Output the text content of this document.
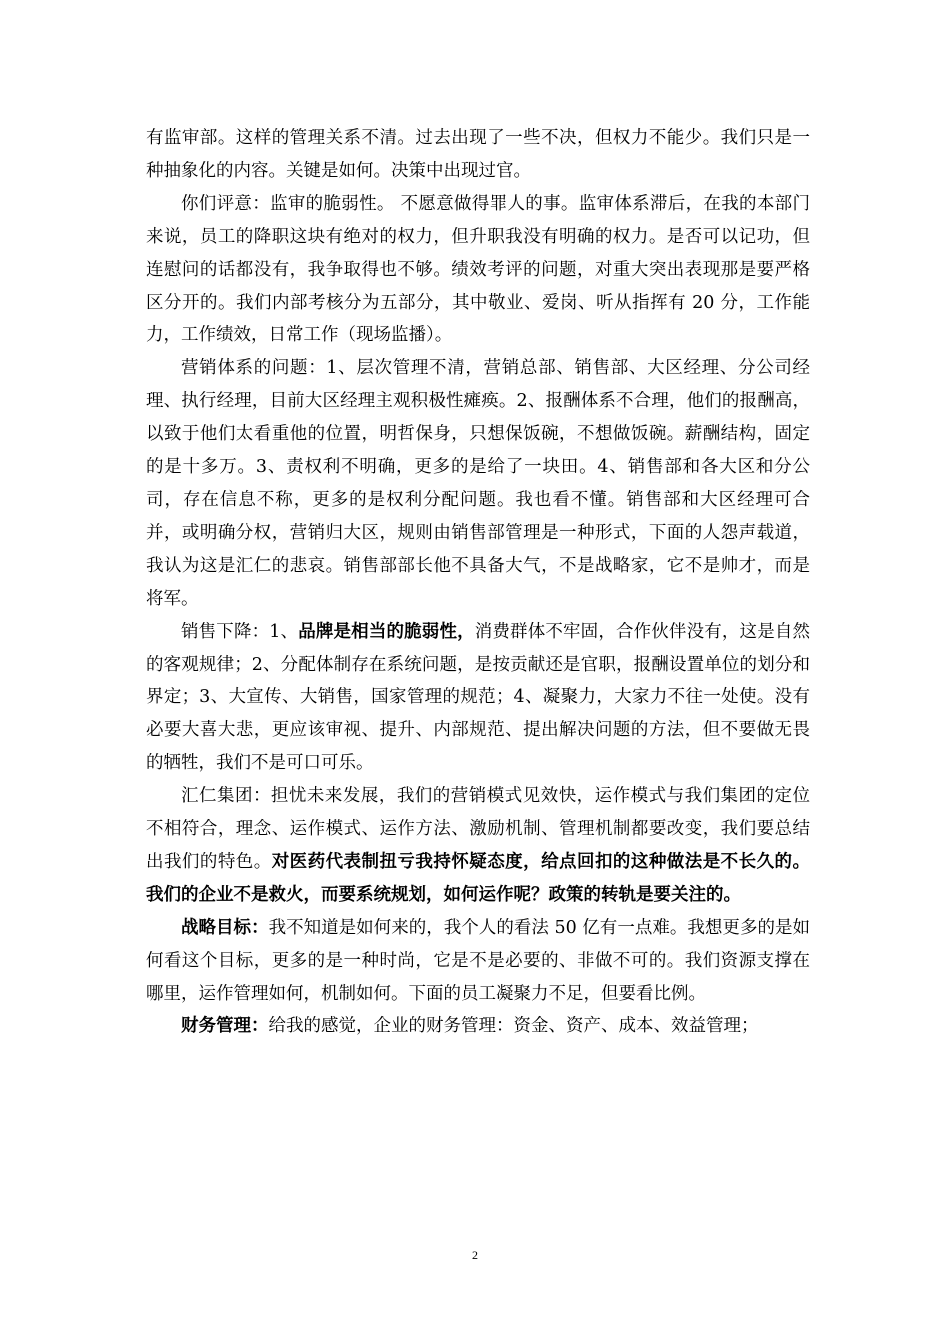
有监审部。这样的管理关系不清。过去出现了一些不决，但权力不能少。我们只是一种抽象化的内容。关键是如何。决策中出现过官。

你们评意：监审的脆弱性。 不愿意做得罪人的事。监审体系滞后，在我的本部门来说，员工的降职这块有绝对的权力，但升职我没有明确的权力。是否可以记功，但连慰问的话都没有，我争取得也不够。绩效考评的问题，对重大突出表现那是要严格区分开的。我们内部考核分为五部分，其中敬业、爱岗、听从指挥有 20 分，工作能力，工作绩效，日常工作（现场监播）。

营销体系的问题：1、层次管理不清，营销总部、销售部、大区经理、分公司经理、执行经理，目前大区经理主观积极性瘫痪。2、报酬体系不合理，他们的报酬高，以致于他们太看重他的位置，明哲保身，只想保饭碗，不想做饭碗。薪酬结构，固定的是十多万。3、责权利不明确，更多的是给了一块田。4、销售部和各大区和分公司，存在信息不称，更多的是权利分配问题。我也看不懂。销售部和大区经理可合并，或明确分权，营销归大区，规则由销售部管理是一种形式，下面的人怨声载道，我认为这是汇仁的悲哀。销售部部长他不具备大气，不是战略家，它不是帅才，而是将军。

销售下降：1、品牌是相当的脆弱性，消费群体不牢固，合作伙伴没有，这是自然的客观规律；2、分配体制存在系统问题，是按贡献还是官职，报酬设置单位的划分和界定；3、大宣传、大销售，国家管理的规范；4、凝聚力，大家力不往一处使。没有必要大喜大悲，更应该审视、提升、内部规范、提出解决问题的方法，但不要做无畏的牺牲，我们不是可口可乐。

汇仁集团：担忧未来发展，我们的营销模式见效快，运作模式与我们集团的定位不相符合，理念、运作模式、运作方法、激励机制、管理机制都要改变，我们要总结出我们的特色。对医药代表制扭亏我持怀疑态度，给点回扣的这种做法是不长久的。我们的企业不是救火，而要系统规划，如何运作呢？政策的转轨是要关注的。

战略目标：我不知道是如何来的，我个人的看法 50 亿有一点难。我想更多的是如何看这个目标，更多的是一种时尚，它是不是必要的、非做不可的。我们资源支撑在哪里，运作管理如何，机制如何。下面的员工凝聚力不足，但要看比例。

财务管理：给我的感觉，企业的财务管理：资金、资产、成本、效益管理；

2
